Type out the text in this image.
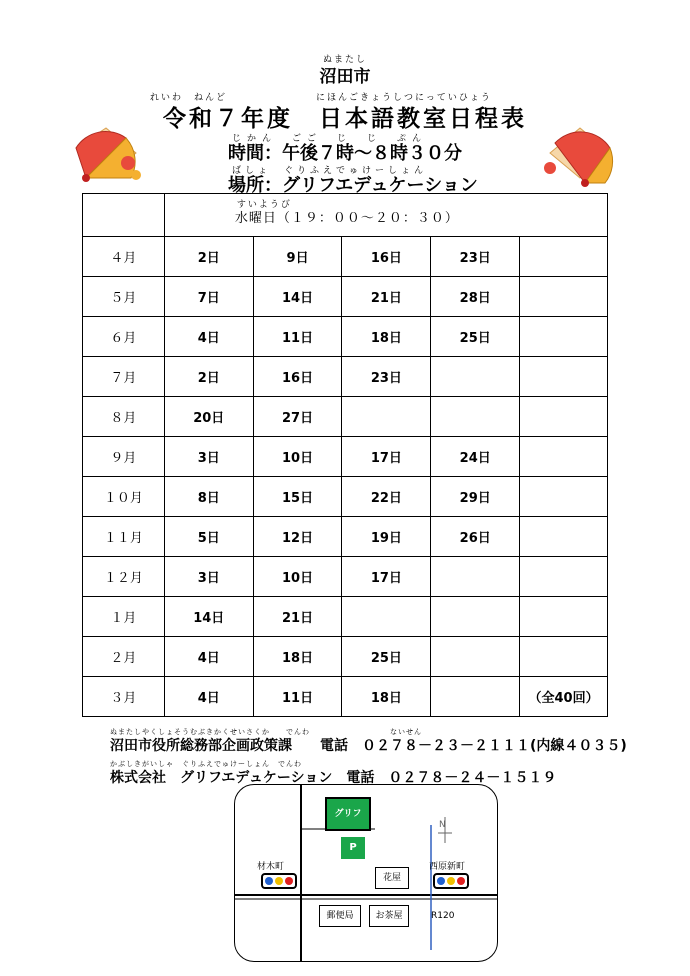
ぬまたし
沼田市
れいわ　ねんど	にほんごきょうしつにっていひょう
令和７年度　日本語教室日程表
じかん　ごご　じ　じ　ぷん
時間：午後７時～８時３０分
ばしょ　ぐりふえでゅけーしょん
場所：グリフエデュケーション

	すいようび
水曜日（１９：００～２０：３０）				

４月	2日	9日	16日	23日	
５月	7日	14日	21日	28日	
６月	4日	11日	18日	25日	
７月	2日	16日	23日		
８月	20日	27日			
９月	3日	10日	17日	24日	
１０月	8日	15日	22日	29日	
１１月	5日	12日	19日	26日	
１２月	3日	10日	17日		
１月	14日	21日			
２月	4日	18日	25日		
３月	4日	11日	18日		（全40回）
ぬまたしやくしょそうむぶきかくせいさくか　　でんわ　　　　　　　　　　ないせん
沼田市役所総務部企画政策課　　電話　０２７８－２３－２１１１(内線４０３５)
かぶしきがいしゃ　ぐりふえでゅけーしょん　でんわ
株式会社　グリフエデュケーション　電話　０２７８－２４－１５１９
グリフ
P
花屋
郵便局	お茶屋
材木町	西原新町
R120
N
